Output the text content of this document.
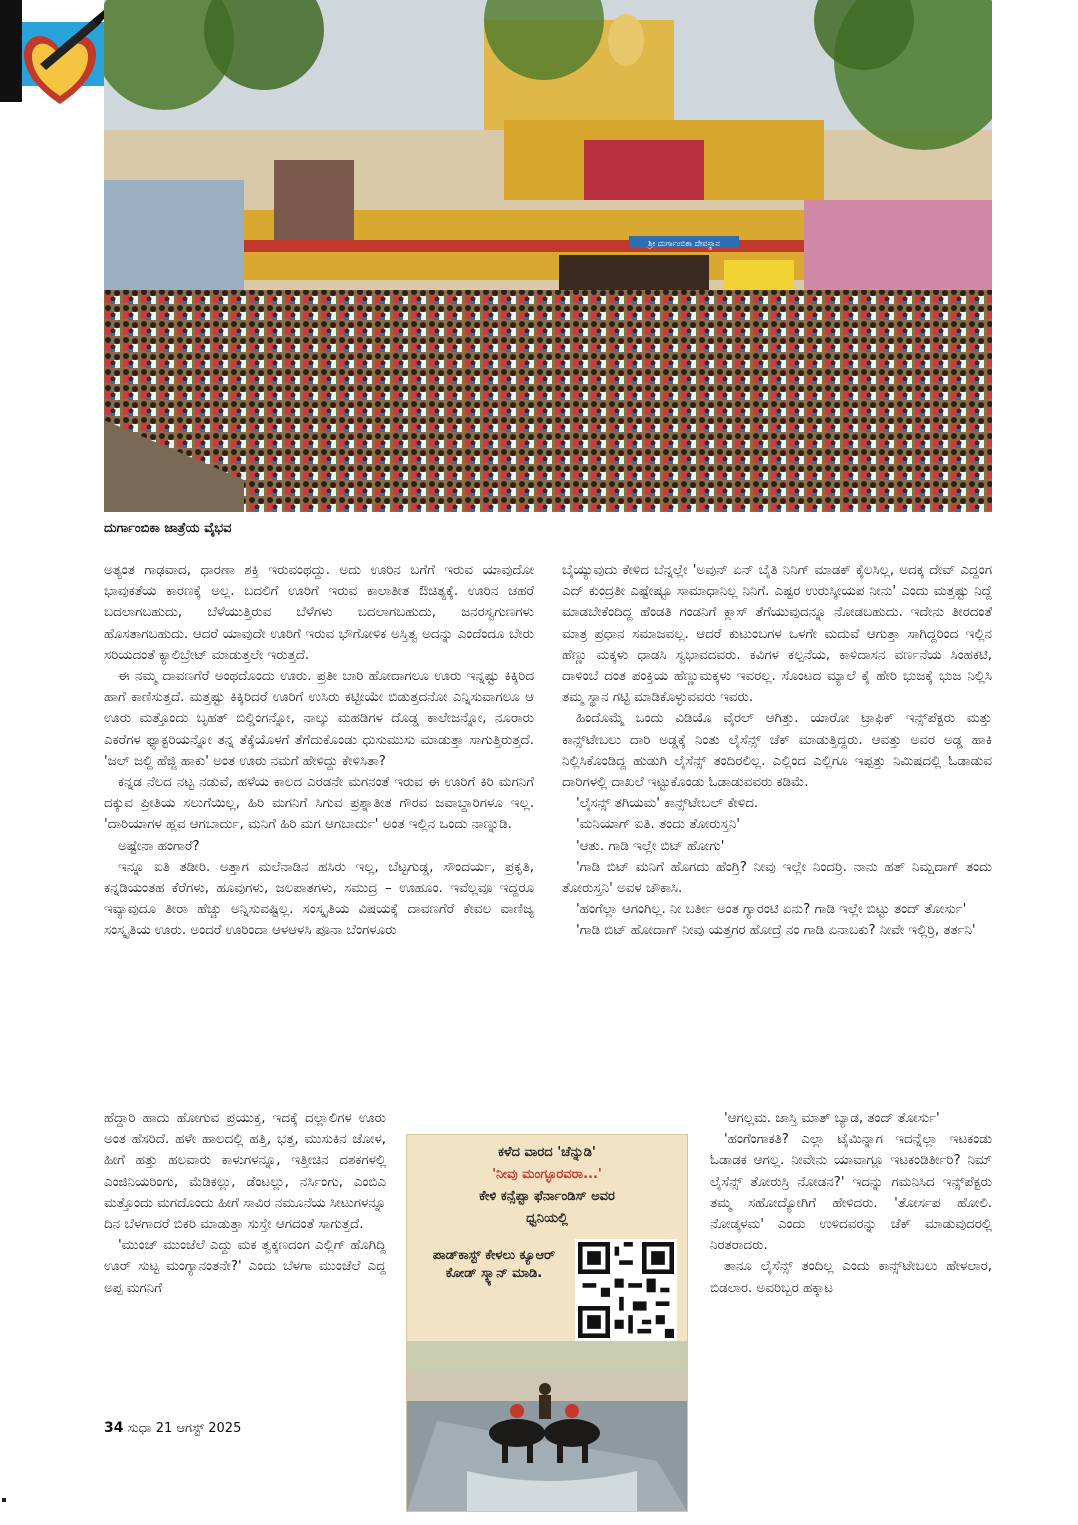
ಶ್ರೀ ದುರ್ಗಾಂಬಿಕಾ ದೇವಸ್ಥಾನ
ದುರ್ಗಾಂಬಿಕಾ ಜಾತ್ರೆಯ ವೈಭವ

ಅತ್ಯಂತ ಗಾಢವಾದ, ಧಾರಣಾ ಶಕ್ತಿ ಇರುವಂಥದ್ದು. ಅದು ಊರಿನ ಬಗೆಗೆ ಇರುವ ಯಾವುದೋ ಭಾವುಕತೆಯ ಕಾರಣಕ್ಕೆ ಅಲ್ಲ. ಬದಲಿಗೆ ಊರಿಗೆ ಇರುವ ಕಾಲಾತೀತ ಔಚಿತ್ಯಕ್ಕೆ. ಊರಿನ ಚಹರೆ ಬದಲಾಗಬಹುದು, ಬೆಳೆಯುತ್ತಿರುವ ಬೆಳೆಗಳು ಬದಲಾಗಬಹುದು, ಜನರಸ್ವಗುಣಗಳು ಹೊಸತಾಗಬಹುದು. ಆದರೆ ಯಾವುದೇ ಊರಿಗೆ ಇರುವ ಭೌಗೋಳಿಕ ಅಸ್ತಿತ್ವ ಅದನ್ನು ಎಂದೆಂದೂ ಬೇರು ಸರಿಯದಂತೆ ಕ್ಯಾಲಿಬ್ರೇಟ್ ಮಾಡುತ್ತಲೇ ಇರುತ್ತದೆ.

ಈ ನಮ್ಮ ದಾವಣಗೆರೆ ಅಂಥದೊಂದು ಊರು. ಪ್ರತೀ ಬಾರಿ ಹೋದಾಗಲೂ ಊರು ಇನ್ನಷ್ಟು ಕಿಕ್ಕಿರಿದ ಹಾಗೆ ಕಾಣಿಸುತ್ತದೆ. ಮತ್ತಷ್ಟು ಕಿಕ್ಕಿರಿದರೆ ಊರಿಗೆ ಉಸಿರು ಕಟ್ಟೀಯೇ ಬಿಡುತ್ತದನೋ ಎನ್ನಿಸುವಾಗಲೂ ಆ ಊರು ಮತ್ತೊಂದು ಬೃಹತ್ ಬಿಲ್ಡಿಂಗನ್ನೋ, ನಾಲ್ಕು ಮಹಡಿಗಳ ದೊಡ್ಡ ಕಾಲೇಜನ್ನೋ, ನೂರಾರು ಎಕರೆಗಳ ಫ್ಯಾಕ್ಟರಿಯನ್ನೋ ತನ್ನ ತೆಕ್ಕೆಯೊಳಗೆ ತೆಗೆದುಕೊಂಡು ಧುಸುಮುಸು ಮಾಡುತ್ತಾ ಸಾಗುತ್ತಿರುತ್ತದೆ. 'ಜಲ್ ಜಲ್ದಿ ಹೆಜ್ಜಿ ಹಾಕು' ಅಂತ ಊರು ನಮಗೆ ಹೇಳಿದ್ದು ಕೇಳಿಸಿತಾ?

ಕನ್ನಡ ನೆಲದ ನಟ್ಟ ನಡುವೆ, ಹಳೆಯ ಕಾಲದ ಎರಡನೇ ಮಗನಂತೆ ಇರುವ ಈ ಊರಿಗೆ ಕಿರಿ ಮಗನಿಗೆ ದಕ್ಕುವ ಪ್ರೀತಿಯ ಸಲುಗೆಯಿಲ್ಲ, ಹಿರಿ ಮಗನಿಗೆ ಸಿಗುವ ಪ್ರಶ್ನಾತೀತ ಗೌರವ ಜವಾಬ್ದಾರಿಗಳೂ ಇಲ್ಲ. 'ದಾರಿಯಾಗಳ ಹ್ಲವ ಆಗಬಾರ್ದು, ಮನಿಗೆ ಹಿರಿ ಮಗ ಆಗಬಾರ್ದು' ಅಂತ ಇಲ್ಲಿನ ಒಂದು ನಾಣ್ನುಡಿ.

ಅಷ್ಟೇನಾ ಹಂಗಾರೆ?

ಇನ್ನೂ ಐತಿ ತಡೀರಿ. ಅತ್ತಾಗ ಮಲೆನಾಡಿನ ಹಸಿರು ಇಲ್ಲ, ಬೆಟ್ಟಗುಡ್ಡ, ಸೌಂದರ್ಯ, ಪ್ರಕೃತಿ, ಕನ್ನಡಿಯಂತಹ ಕೆರೆಗಳು, ಹೂವುಗಳು, ಜಲಪಾತಗಳು, ಸಮುದ್ರ – ಊಹೂಂ. ಇವೆಲ್ಲವೂ ಇದ್ದರೂ ಇವ್ಯಾವುದೂ ತೀರಾ ಹೆಚ್ಚು ಅನ್ನಿಸುವಷ್ಟಿಲ್ಲ. ಸಂಸ್ಕೃತಿಯ ವಿಷಯಕ್ಕೆ ದಾವಣಗೆರೆ ಕೇವಲ ವಾಣಿಜ್ಯ ಸಂಸ್ಕೃತಿಯ ಊರು. ಅಂದರೆ ಊರಿಂದಾ ಆಳಆಳಸಿ ಪೂನಾ ಬೆಂಗಳೂರು

ಹೆದ್ದಾರಿ ಹಾದು ಹೋಗುವ ಪ್ರಯುಕ್ತ, ಇದಕ್ಕೆ ದಲ್ಲಾಲಿಗಳ ಊರು ಅಂತ ಹೆಸರಿದೆ. ಹಳೇ ಹಾಲದಲ್ಲಿ ಹತ್ತಿ, ಭತ್ತ, ಮುಸುಕಿನ ಜೋಳ, ಹೀಗೆ ಹತ್ತು ಹಲವಾರು ಕಾಳುಗಳನ್ನೂ, ಇತ್ತೀಚಿನ ದಶಕಗಳಲ್ಲಿ ಎಂಜಿನಿಯರಿಂಗು, ಮೆಡಿಕಲ್ಲು, ಡೆಂಟಲ್ಲು, ನರ್ಸಿಂಗು, ಎಂಬಿಎ ಮತ್ತೊಂದು ಮಗದೊಂದು ಹೀಗೆ ಸಾವಿರ ನಮೂನೆಯ ಸೀಟುಗಳನ್ನೂ ದಿನ ಬೆಳಗಾದರೆ ಬಿಕರಿ ಮಾಡುತ್ತಾ ಸುಸ್ತೇ ಆಗದಂತೆ ಸಾಗುತ್ತದೆ.

'ಮುಂಜ್ ಮುಂಜೆಲೆ ಎದ್ದು ಮಕ ತ್ವಕ್ಕಣದಂಗ ಎಲ್ಲಿಗ್ ಹೊಗಿದ್ದಿ ಊರ್ ಸುಟ್ಟ ಮಂಗ್ಯಾನಂತನೇ?' ಎಂದು ಬೆಳಗಾ ಮುಂಜೆಲೆ ಎದ್ದ ಅಪ್ಪ ಮಗನಿಗೆ

ಬೈಯ್ಯುವುದು ಕೇಳಿದ ಬೆನ್ನಲ್ಲೇ 'ಅವುನ್ ಏನ್ ಬೈತಿ ನಿನಿಗ್ ಮಾಡಕ್ ಕೈಲಸಿಲ್ಲ, ಅದಕ್ಕ ದೇವ್ ಎದ್ದಂಗ ಎದ್ ಕುಂದ್ರತೀ ಎಷ್ಟೇಷ್ಟೂ ಸಾಮಾಧಾನಿಲ್ಲ ನಿನಿಗೆ. ಎಷ್ಟರ ಉರುಸ್ಕೀಯಪ ನೀನು' ಎಂದು ಮತ್ತಷ್ಟು ನಿದ್ದೆ ಮಾಡಬೇಕೆಂದಿದ್ದ ಹೆಂಡತಿ ಗಂಡನಿಗೆ ಕ್ಲಾಸ್ ತೆಗೆಯುವುದನ್ನೂ ನೋಡಬಹುದು. ಇದೇನು ತೀರದಂತೆ ಮಾತ್ರ ಪ್ರಧಾನ ಸಮಾಜವಲ್ಲ. ಆದರೆ ಕುಟುಂಬಗಳ ಒಳಗೇ ಮದುವೆ ಆಗುತ್ತಾ ಸಾಗಿದ್ದರಿಂದ ಇಲ್ಲಿನ ಹೆಣ್ಣು ಮಕ್ಕಳು ಧಾಡಸಿ ಸ್ವಭಾವದವರು. ಕವಿಗಳ ಕಲ್ಪನೆಯ, ಕಾಳಿದಾಸನ ವರ್ಣನೆಯ ಸಿಂಹಕಟಿ, ದಾಳಿಂಬೆ ದಂತ ಪಂಕ್ತಿಯ ಹೆಣ್ಣುಮಕ್ಕಳು ಇವರಲ್ಲ. ಸೊಂಟದ ಮ್ಯಾಲೆ ಕೈ ಹೇರಿ ಭುಜಕ್ಕೆ ಭುಜ ನಿಲ್ಲಿಸಿ ತಮ್ಮ ಸ್ಥಾನ ಗಟ್ಟಿ ಮಾಡಿಕೊಳ್ಳುವವರು ಇವರು.

ಹಿಂದೊಮ್ಮೆ ಒಂದು ವಿಡಿಯೊ ವೈರಲ್ ಆಗಿತ್ತು. ಯಾರೋ ಟ್ರಾಫಿಕ್ ಇನ್ಸ್‌ಪೆಕ್ಟರು ಮತ್ತು ಕಾನ್ಸ್‌ಟೇಬಲು ದಾರಿ ಅಡ್ಡಕ್ಕೆ ನಿಂತು ಲೈಸೆನ್ಸ್ ಚೆಕ್ ಮಾಡುತ್ತಿದ್ದರು. ಆವತ್ತು ಅವರ ಅಡ್ಡ ಹಾಕಿ ನಿಲ್ಲಿಸಿಕೊಂಡಿದ್ದ ಹುಡುಗಿ ಲೈಸೆನ್ಸ್ ತಂದಿರಲಿಲ್ಲ. ಎಲ್ಲಿಂದ ಎಲ್ಲಿಗೂ ಇಪ್ಪತ್ತು ನಿಮಿಷದಲ್ಲಿ ಓಡಾಡುವ ದಾರಿಗಳಲ್ಲಿ ದಾಖಲೆ ಇಟ್ಟುಕೊಂಡು ಓಡಾಡುವವರು ಕಡಿಮೆ.

'ಲೈಸನ್ಸ್ ತಗಿಯಮ' ಕಾನ್ಸ್‌ಟೇಬಲ್ ಕೇಳಿದ.

'ಮನಿಯಾಗ್ ಐತಿ. ತಂದು ತೋರುಸ್ತನಿ'

'ಆತು. ಗಾಡಿ ಇಲ್ಲೇ ಬಿಟ್ ಹೋಗು'

'ಗಾಡಿ ಬಿಟ್ ಮನಿಗೆ ಹೊಗದು ಹೆಂಗ್ರಿ? ನೀವು ಇಲ್ಲೇ ನಿಂದರ್ರಿ. ನಾನು ಹತ್ ನಿಮ್ಷದಾಗ್ ತಂದು ತೋರುಸ್ತನಿ' ಅವಳ ಚೌಕಾಸಿ.

'ಹಂಗೆಲ್ಲಾ ಆಗಂಗಿಲ್ಲ. ನೀ ಬರ್ತೀ ಅಂತ ಗ್ಯಾರಂಟಿ ಏನು? ಗಾಡಿ ಇಲ್ಲೇ ಬಿಟ್ಟು ತಂದ್ ತೋರ್ಸು'

'ಗಾಡಿ ಬಿಟ್ ಹೋದಾಗ್ ನೀವು ಯತ್ತಗರ ಹೋದ್ರೆ ನಂ ಗಾಡಿ ಏನಾಬಕು? ನೀವೇ ಇಲ್ಲಿರ್ರಿ, ತರ್ತನಿ'

'ಆಗಲ್ಲಮ. ಜಾಸ್ತಿ ಮಾತ್ ಬ್ಯಾಡ, ತಂದ್ ತೋರ್ಸು'

'ಹಂಗೆಂಗಾಕತಿ? ಎಲ್ಲಾ ಟೈಮಿನ್ನಾಗ ಇದನ್ನೆಲ್ಲಾ ಇಟಕಂಡು ಓಡಾಡಕ ಆಗಲ್ಲ. ನೀವೇನು ಯಾವಾಗ್ಲೂ ಇಟಕಂಡಿರ್ತೀರಿ? ನಿಮ್ ಲೈಸೆನ್ಸ್ ತೋರುಸ್ರಿ ನೋಡನ?' ಇದನ್ನು ಗಮನಿಸಿದ ಇನ್ಸ್‌ಪೆಕ್ಟರು ತಮ್ಮ ಸಹೋದ್ಯೋಗಿಗೆ ಹೇಳಿದರು. 'ತೋರ್ಸಪ ಹೋಲಿ. ನೋಡ್ಕಳಮ' ಎಂದು ಉಳಿದವರನ್ನು ಚೆಕ್ ಮಾಡುವುದರಲ್ಲಿ ನಿರತರಾದರು.

ತಾನೂ ಲೈಸೆನ್ಸ್ ತಂದಿಲ್ಲ ಎಂದು ಕಾನ್ಸ್‌ಟೇಬಲು ಹೇಳಲಾರ, ಬಿಡಲಾರ. ಅವರಿಬ್ಬರ ಹಕ್ಕಾಟ

ಕಳೆದ ವಾರದ 'ಚೆನ್ನುಡಿ'
'ನೀವು ಮಂಗ್ಳೂರವರಾ...'
ಕೇಳಿ ಕನ್ಸೆಪ್ಟಾ ಫೆರ್ನಾಂಡಿಸ್ ಅವರ
ಧ್ವನಿಯಲ್ಲಿ
ಪಾಡ್‌ಕಾಸ್ಟ್ ಕೇಳಲು ಕ್ಯೂಆರ್ ಕೋಡ್ ಸ್ಕ್ಯಾನ್ ಮಾಡಿ.
34 ಸುಧಾ 21 ಆಗಸ್ಟ್ 2025
